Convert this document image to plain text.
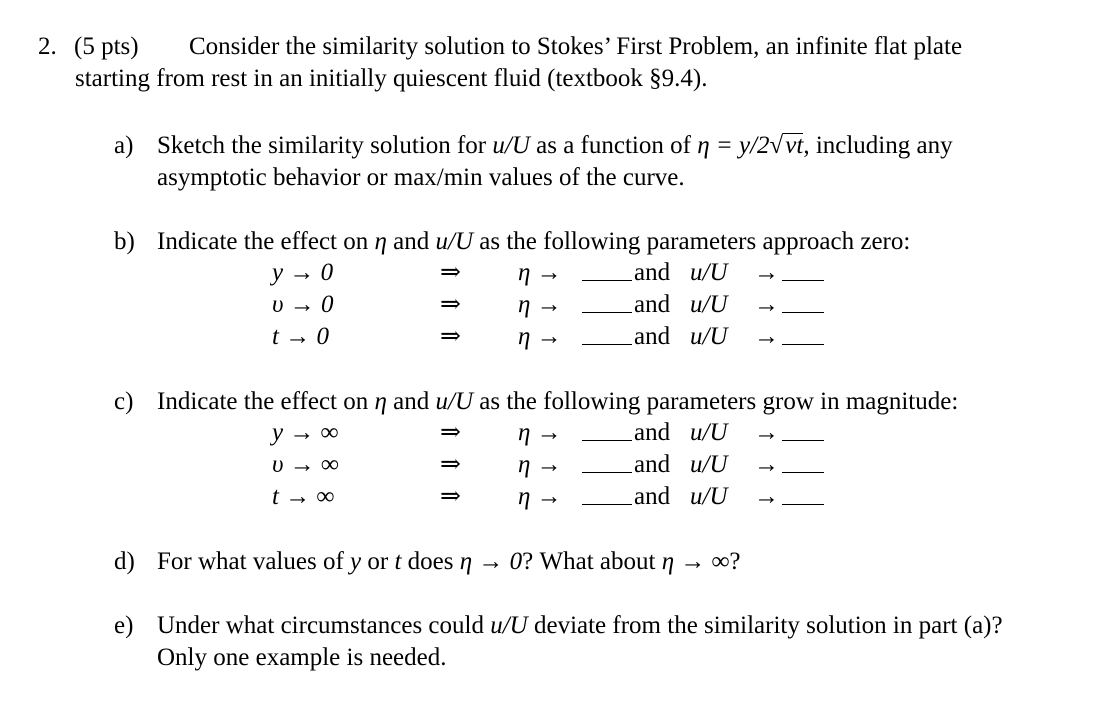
2. (5 pts) Consider the similarity solution to Stokes’ First Problem, an infinite flat plate
starting from rest in an initially quiescent fluid (textbook §9.4).
a) Sketch the similarity solution for u/U as a function of η = y/2√νt, including any
asymptotic behavior or max/min values of the curve.
b) Indicate the effect on η and u/U as the following parameters approach zero:
y → 0	⇒ η →	and u/U →
υ → 0	⇒ η →	and u/U →
t → 0	⇒ η →	and u/U →
c) Indicate the effect on η and u/U as the following parameters grow in magnitude:
y → ∞	⇒ η →	and u/U →
υ → ∞	⇒ η →	and u/U →
t → ∞	⇒ η →	and u/U →
d) For what values of y or t does η → 0? What about η → ∞?
e) Under what circumstances could u/U deviate from the similarity solution in part (a)?
Only one example is needed.
